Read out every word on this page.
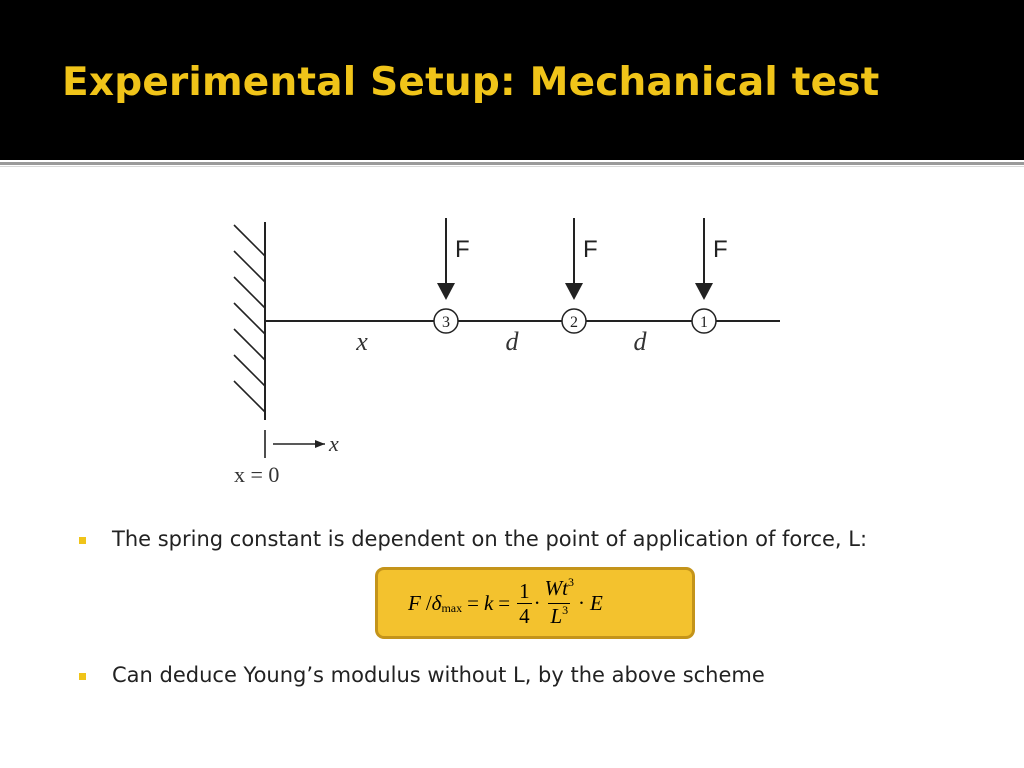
Experimental Setup: Mechanical test
F
3
F
2
F
1
x	d	d
x
x = 0
The spring constant is dependent on the point of application of force, L:
F / δ $\max = k = \frac{1}{4} \cdot \frac{Wt^3}{L^3} \cdot E$
Can deduce Young’s modulus without L, by the above scheme
